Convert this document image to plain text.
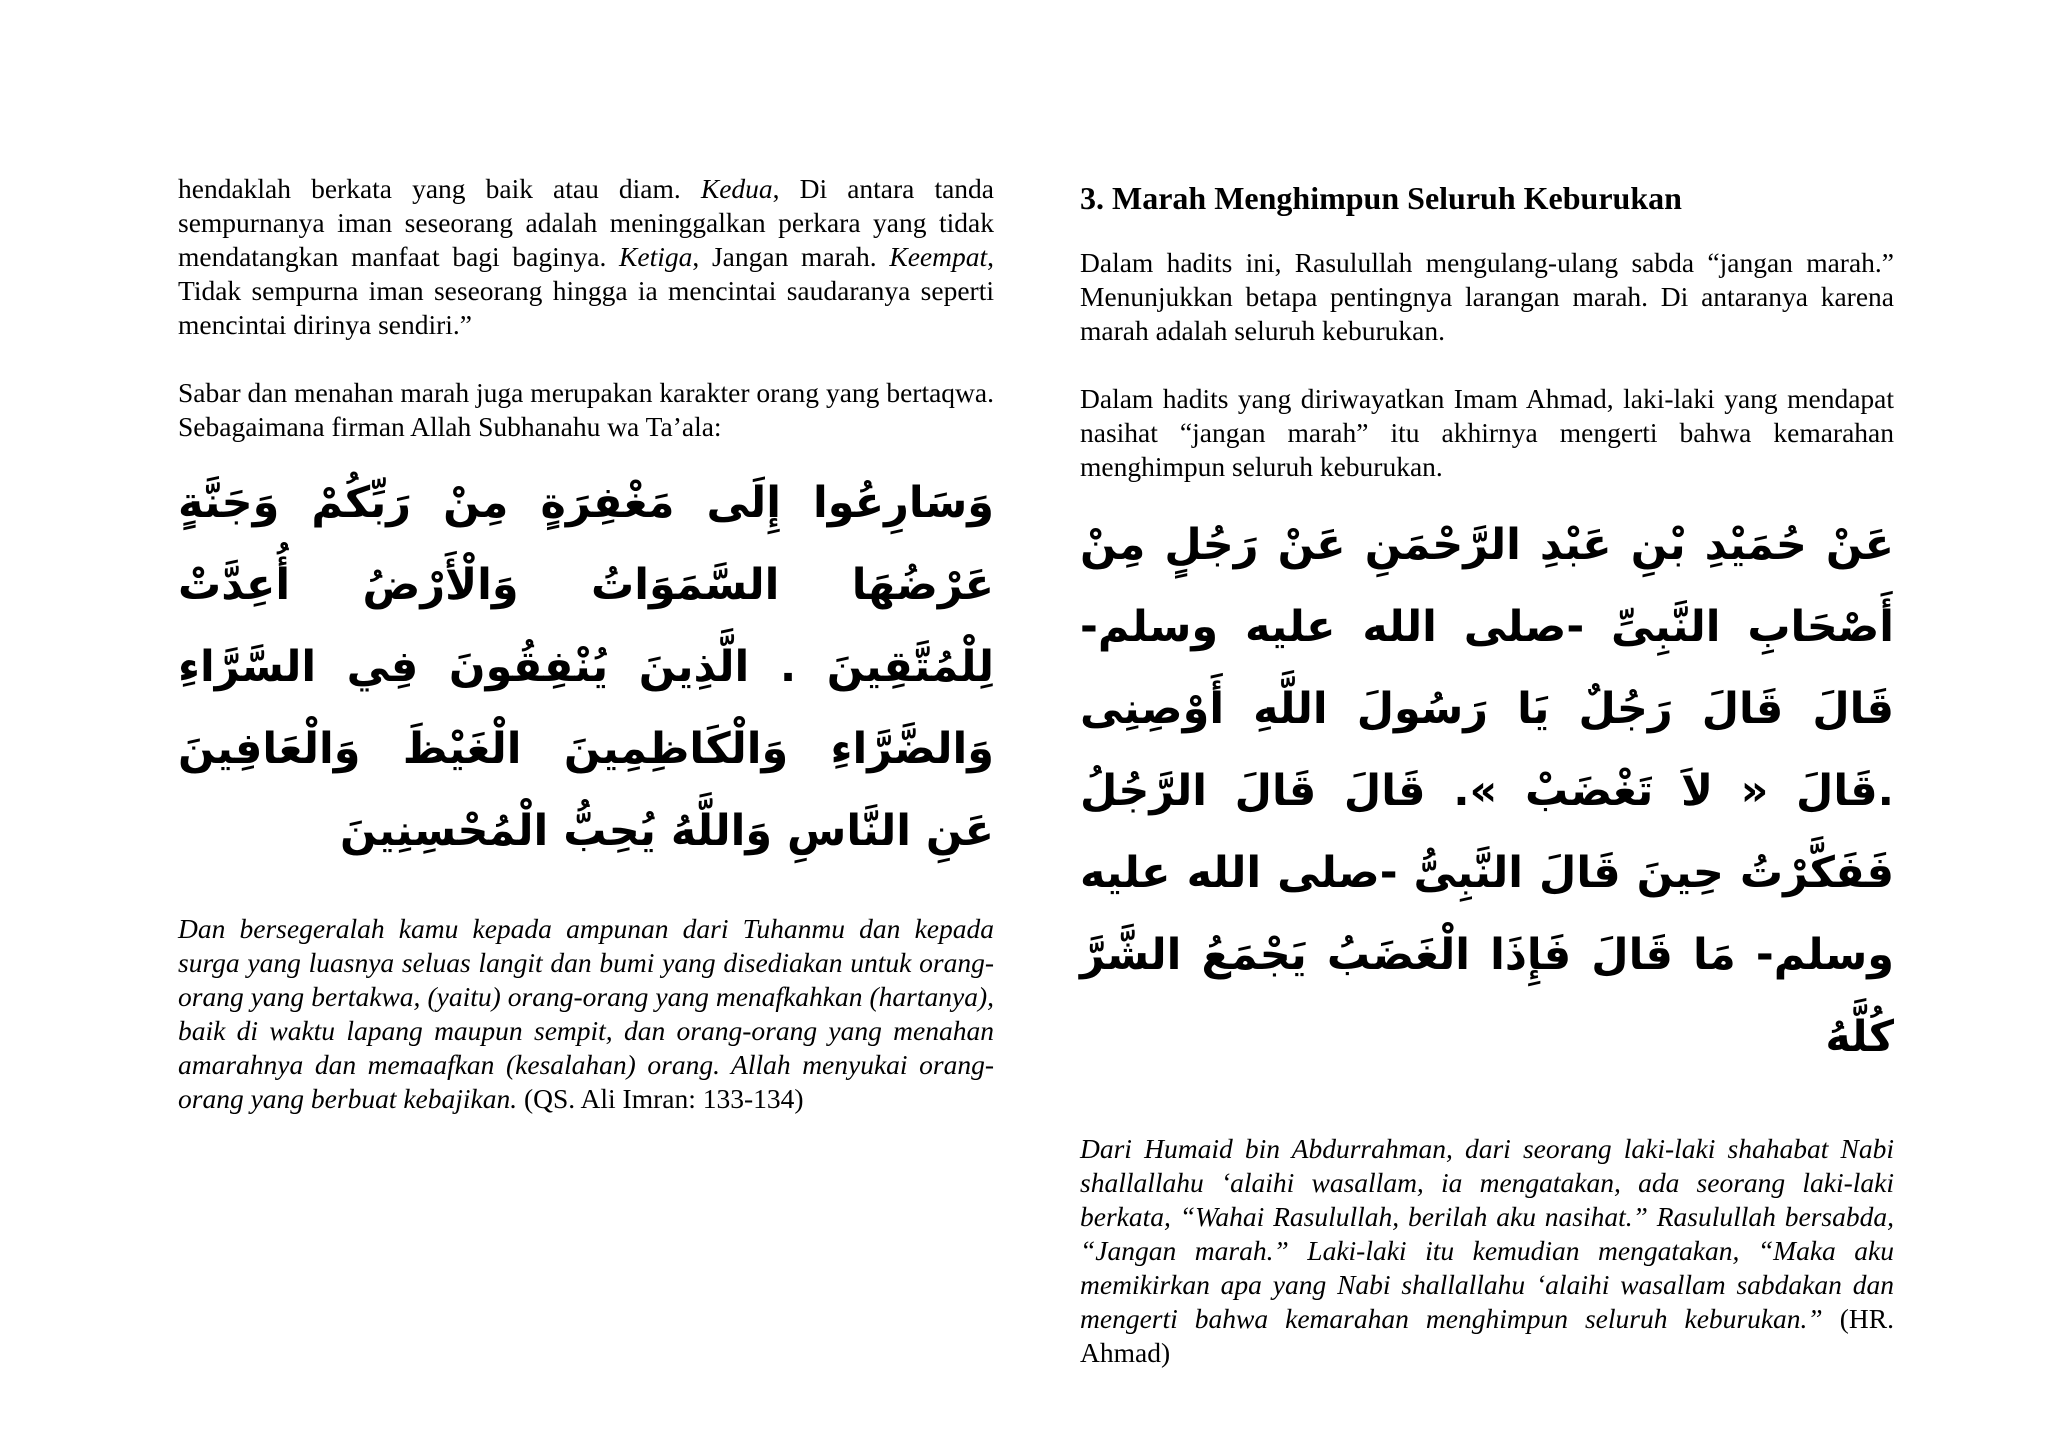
hendaklah berkata yang baik atau diam. Kedua, Di antara tanda sempurnanya iman seseorang adalah meninggalkan perkara yang tidak mendatangkan manfaat bagi baginya. Ketiga, Jangan marah. Keempat, Tidak sempurna iman seseorang hingga ia mencintai saudaranya seperti mencintai dirinya sendiri.”

Sabar dan menahan marah juga merupakan karakter orang yang bertaqwa. Sebagaimana firman Allah Subhanahu wa Ta’ala:

وَسَارِعُوا إِلَى مَغْفِرَةٍ مِنْ رَبِّكُمْ وَجَنَّةٍ عَرْضُهَا السَّمَوَاتُ وَالْأَرْضُ أُعِدَّتْ لِلْمُتَّقِينَ . الَّذِينَ يُنْفِقُونَ فِي السَّرَّاءِ وَالضَّرَّاءِ وَالْكَاظِمِينَ الْغَيْظَ وَالْعَافِينَ عَنِ النَّاسِ وَاللَّهُ يُحِبُّ الْمُحْسِنِينَ

Dan bersegeralah kamu kepada ampunan dari Tuhanmu dan kepada surga yang luasnya seluas langit dan bumi yang disediakan untuk orang-orang yang bertakwa, (yaitu) orang-orang yang menafkahkan (hartanya), baik di waktu lapang maupun sempit, dan orang-orang yang menahan amarahnya dan memaafkan (kesalahan) orang. Allah menyukai orang-orang yang berbuat kebajikan. (QS. Ali Imran: 133-134)

3. Marah Menghimpun Seluruh Keburukan

Dalam hadits ini, Rasulullah mengulang-ulang sabda “jangan marah.” Menunjukkan betapa pentingnya larangan marah. Di antaranya karena marah adalah seluruh keburukan.

Dalam hadits yang diriwayatkan Imam Ahmad, laki-laki yang mendapat nasihat “jangan marah” itu akhirnya mengerti bahwa kemarahan menghimpun seluruh keburukan.

عَنْ حُمَيْدِ بْنِ عَبْدِ الرَّحْمَنِ عَنْ رَجُلٍ مِنْ أَصْحَابِ النَّبِىِّ -صلى الله عليه وسلم- قَالَ قَالَ رَجُلٌ يَا رَسُولَ اللَّهِ أَوْصِنِى .قَالَ « لاَ تَغْضَبْ ». قَالَ قَالَ الرَّجُلُ فَفَكَّرْتُ حِينَ قَالَ النَّبِىُّ -صلى الله عليه وسلم- مَا قَالَ فَإِذَا الْغَضَبُ يَجْمَعُ الشَّرَّ كُلَّهُ

Dari Humaid bin Abdurrahman, dari seorang laki-laki shahabat Nabi shallallahu ‘alaihi wasallam, ia mengatakan, ada seorang laki-laki berkata, “Wahai Rasulullah, berilah aku nasihat.” Rasulullah bersabda, “Jangan marah.” Laki-laki itu kemudian mengatakan, “Maka aku memikirkan apa yang Nabi shallallahu ‘alaihi wasallam sabdakan dan mengerti bahwa kemarahan menghimpun seluruh keburukan.” (HR. Ahmad)
